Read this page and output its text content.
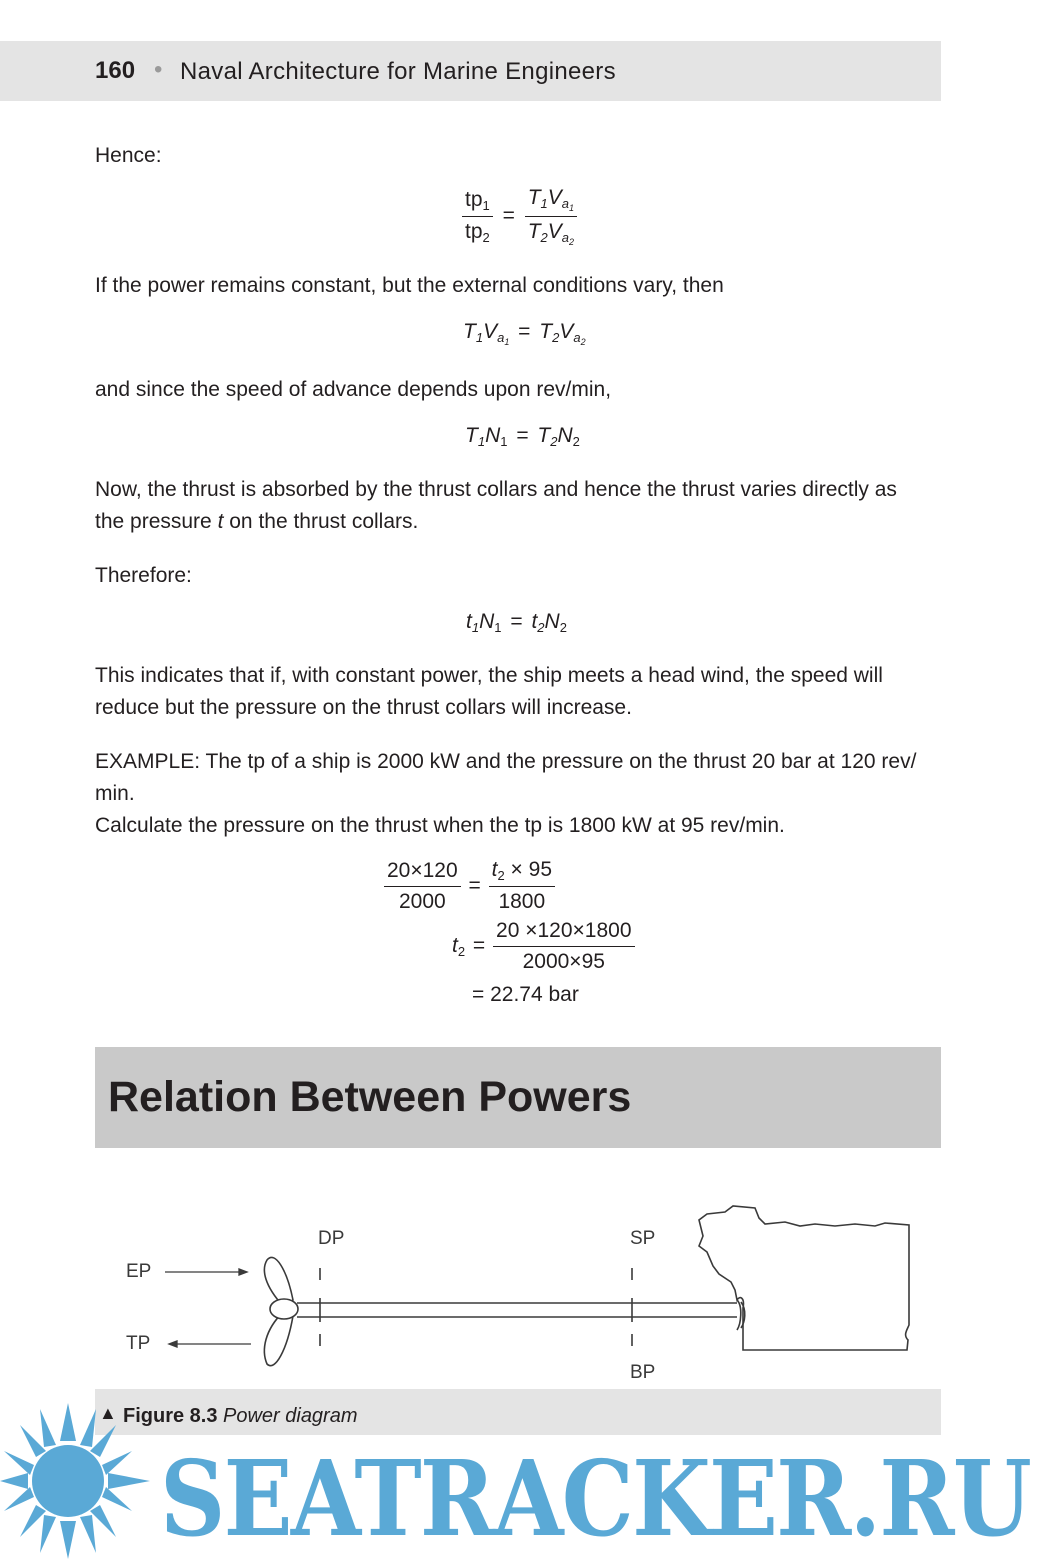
160 • Naval Architecture for Marine Engineers
Hence:
$\frac{tp_1}{tp_2} = \frac{T_1V_{a_1}}{T_2V_{a_2}}$
If the power remains constant, but the external conditions vary, then
$T_1V_{a_1} = T_2V_{a_2}$
and since the speed of advance depends upon rev/min,
$T_1N_1 = T_2N_2$
Now, the thrust is absorbed by the thrust collars and hence the thrust varies directly as
the pressure t on the thrust collars.
Therefore:
$t_1N_1 = t_2N_2$
This indicates that if, with constant power, the ship meets a head wind, the speed will
reduce but the pressure on the thrust collars will increase.
EXAMPLE: The tp of a ship is 2000 kW and the pressure on the thrust 20 bar at 120 rev/
min.
Calculate the pressure on the thrust when the tp is 1800 kW at 95 rev/min.
$\frac{20\times 120}{2000} = \frac{t_2 \times 95}{1800}$
$t_2 = \frac{20 \times 120\times 1800}{2000\times 95}$
= 22.74 bar
Relation Between Powers
EP
TP
DP	SP
BP
▲ Figure 8.3 Power diagram
SEATRACKER.RU
